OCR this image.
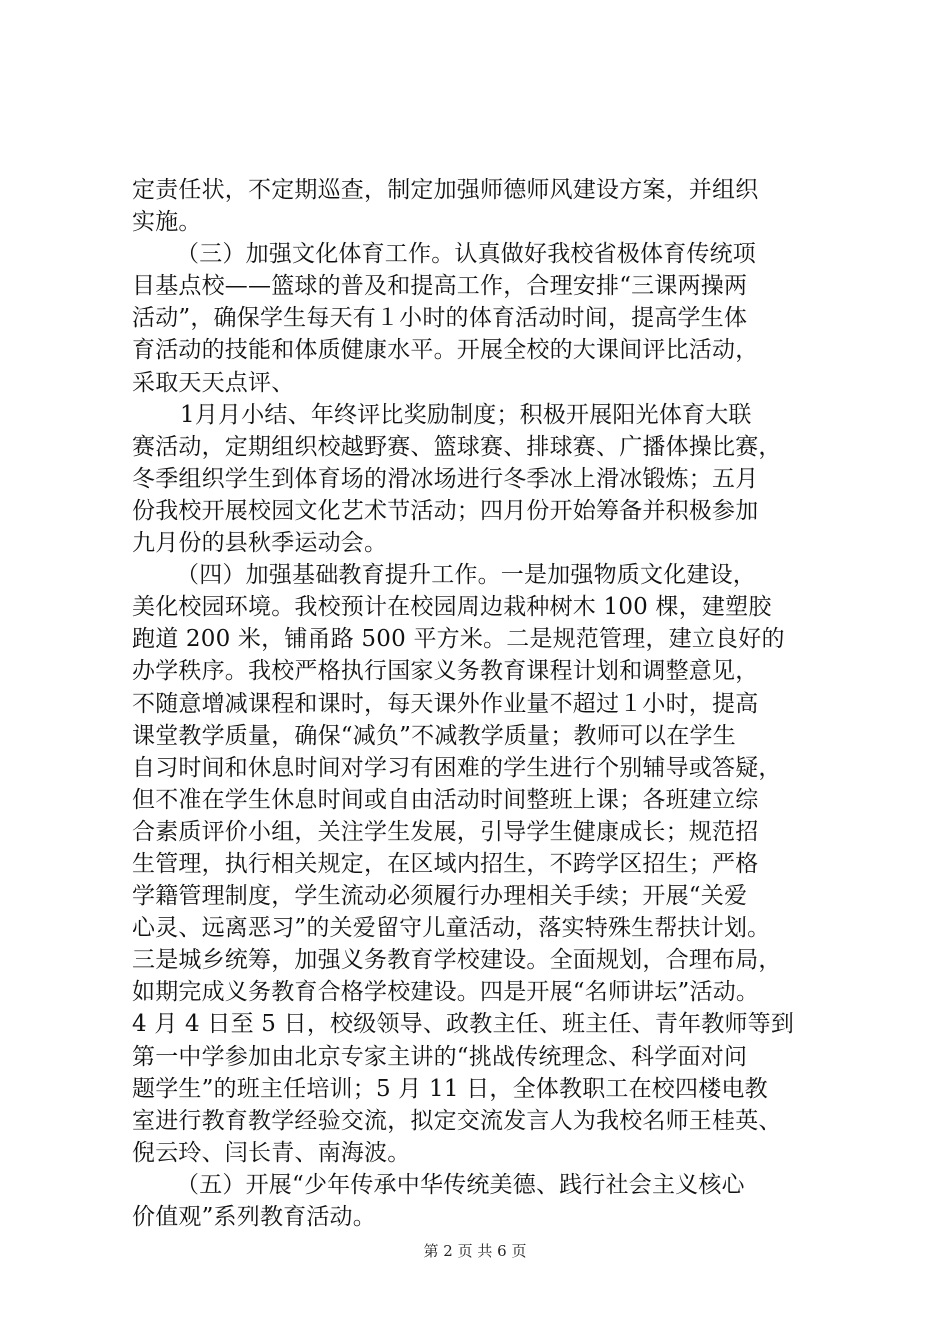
定责任状，不定期巡查，制定加强师德师风建设方案，并组织
实施。
（三）加强文化体育工作。认真做好我校省极体育传统项
目基点校——篮球的普及和提高工作，合理安排“三课两操两
活动”，确保学生每天有１小时的体育活动时间，提高学生体
育活动的技能和体质健康水平。开展全校的大课间评比活动，
采取天天点评、
1月月小结、年终评比奖励制度；积极开展阳光体育大联
赛活动，定期组织校越野赛、篮球赛、排球赛、广播体操比赛，
冬季组织学生到体育场的滑冰场进行冬季冰上滑冰锻炼；五月
份我校开展校园文化艺术节活动；四月份开始筹备并积极参加
九月份的县秋季运动会。
（四）加强基础教育提升工作。一是加强物质文化建设，
美化校园环境。我校预计在校园周边栽种树木 100 棵，建塑胶
跑道 200 米，铺甬路 500 平方米。二是规范管理，建立良好的
办学秩序。我校严格执行国家义务教育课程计划和调整意见，
不随意增减课程和课时，每天课外作业量不超过１小时，提高
课堂教学质量，确保“减负”不减教学质量；教师可以在学生
自习时间和休息时间对学习有困难的学生进行个别辅导或答疑，
但不准在学生休息时间或自由活动时间整班上课；各班建立综
合素质评价小组，关注学生发展，引导学生健康成长；规范招
生管理，执行相关规定，在区域内招生，不跨学区招生；严格
学籍管理制度，学生流动必须履行办理相关手续；开展“关爱
心灵、远离恶习”的关爱留守儿童活动，落实特殊生帮扶计划。
三是城乡统筹，加强义务教育学校建设。全面规划，合理布局，
如期完成义务教育合格学校建设。四是开展“名师讲坛”活动。
4 月 4 日至 5 日，校级领导、政教主任、班主任、青年教师等到
第一中学参加由北京专家主讲的“挑战传统理念、科学面对问
题学生”的班主任培训；5 月 11 日，全体教职工在校四楼电教
室进行教育教学经验交流，拟定交流发言人为我校名师王桂英、
倪云玲、闫长青、南海波。
（五）开展“少年传承中华传统美德、践行社会主义核心
价值观”系列教育活动。
第 2 页 共 6 页
